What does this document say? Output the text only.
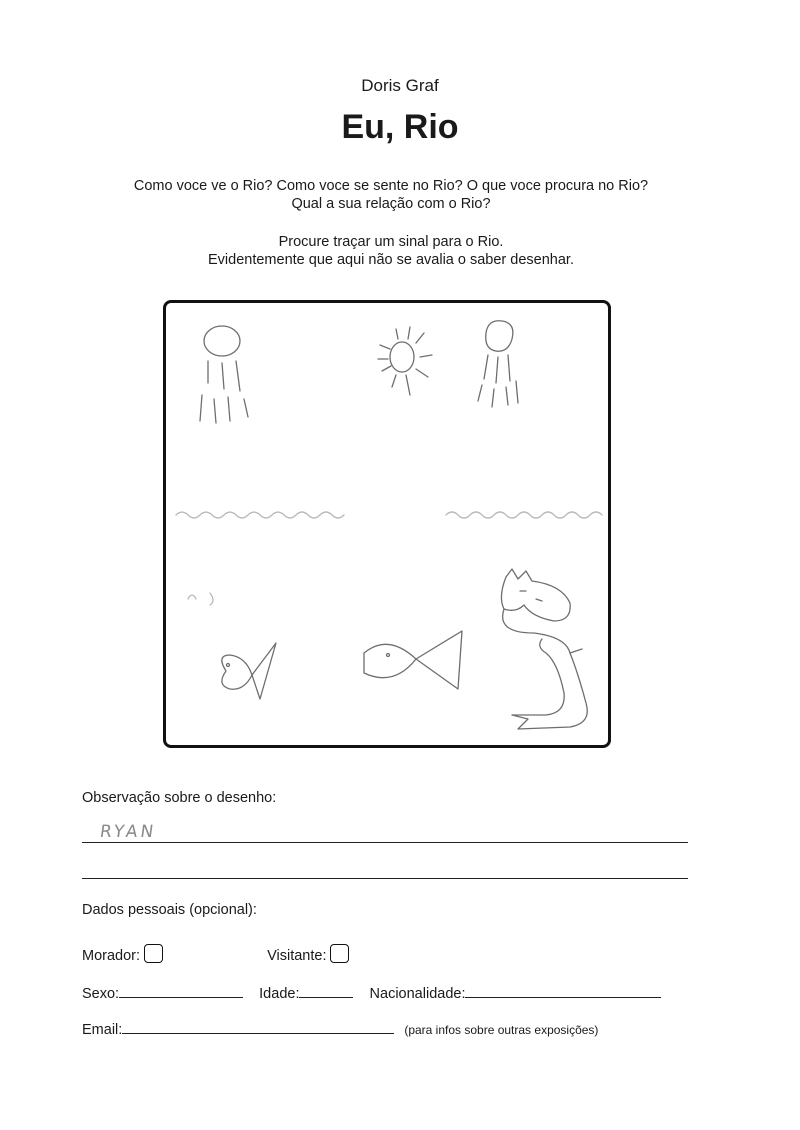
Doris Graf
Eu, Rio
Como voce ve o Rio? Como voce se sente no Rio? O que voce procura no Rio?
Qual a sua relação com o Rio?
Procure traçar um sinal para o Rio.
Evidentemente que aqui não se avalia o saber desenhar.
Observação sobre o desenho:
RYAN
Dados pessoais (opcional):
Morador:	Visitante:
Sexo:	Idade:	Nacionalidade:
Email:	(para infos sobre outras exposições)
